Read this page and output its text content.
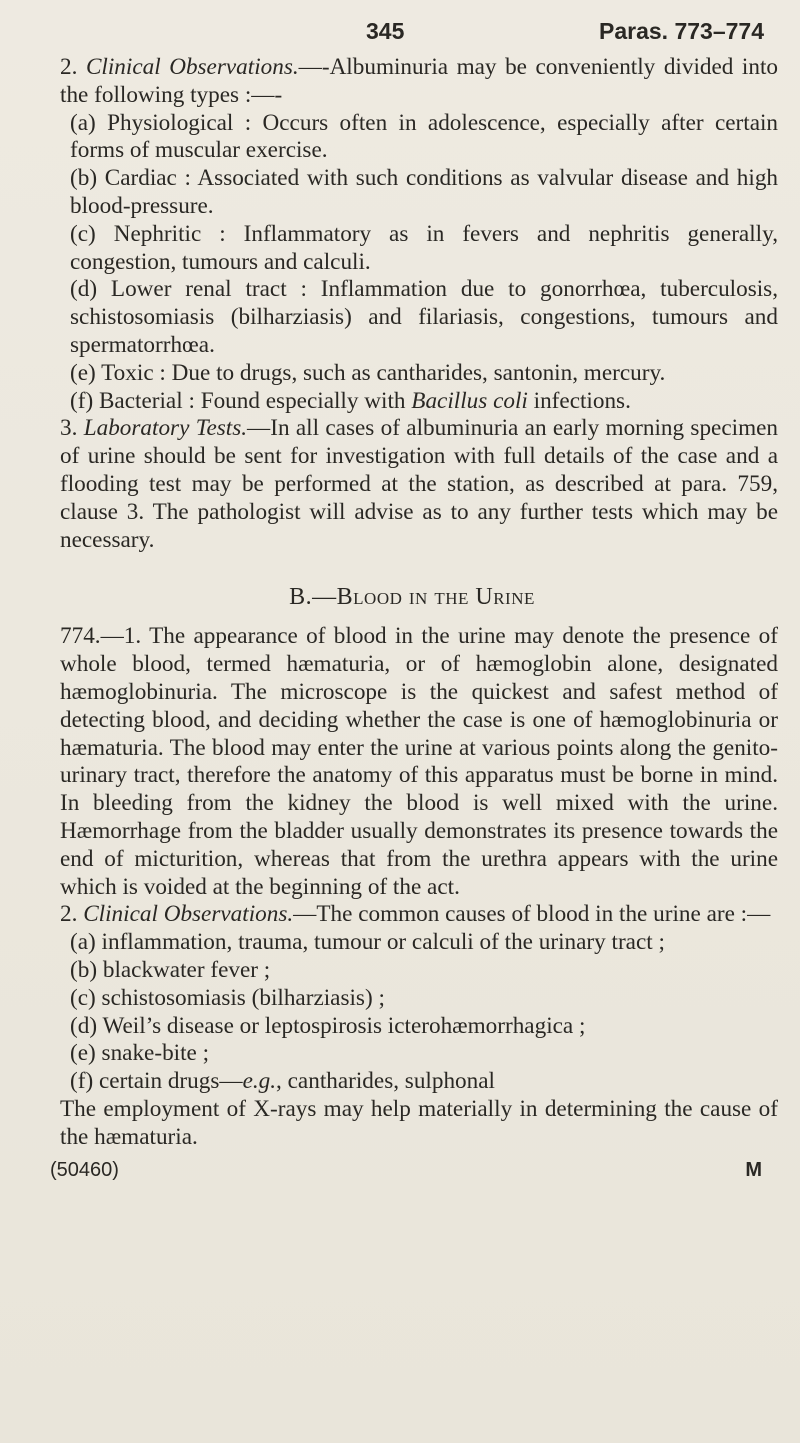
345	Paras. 773–774

2. Clinical Observations.—-Albuminuria may be conveniently divided into the following types :—-

(a) Physiological : Occurs often in adolescence, especially after certain forms of muscular exercise.

(b) Cardiac : Associated with such conditions as valvular disease and high blood-pressure.

(c) Nephritic : Inflammatory as in fevers and nephritis generally, congestion, tumours and calculi.

(d) Lower renal tract : Inflammation due to gonorrhœa, tuberculosis, schistosomiasis (bilharziasis) and filariasis, congestions, tumours and spermatorrhœa.

(e) Toxic : Due to drugs, such as cantharides, santonin, mercury.

(f) Bacterial : Found especially with Bacillus coli infections.

3. Laboratory Tests.—In all cases of albuminuria an early morning specimen of urine should be sent for investigation with full details of the case and a flooding test may be performed at the station, as described at para. 759, clause 3. The pathologist will advise as to any further tests which may be necessary.

B.—Blood in the Urine

774.—1. The appearance of blood in the urine may denote the presence of whole blood, termed hæmaturia, or of hæmoglobin alone, designated hæmoglobinuria. The microscope is the quickest and safest method of detecting blood, and deciding whether the case is one of hæmoglobinuria or hæmaturia. The blood may enter the urine at various points along the genito-urinary tract, therefore the anatomy of this apparatus must be borne in mind. In bleeding from the kidney the blood is well mixed with the urine. Hæmorrhage from the bladder usually demonstrates its presence towards the end of micturition, whereas that from the urethra appears with the urine which is voided at the beginning of the act.

2. Clinical Observations.—The common causes of blood in the urine are :—

(a) inflammation, trauma, tumour or calculi of the urinary tract ;

(b) blackwater fever ;

(c) schistosomiasis (bilharziasis) ;

(d) Weil’s disease or leptospirosis icterohæmorrhagica ;

(e) snake-bite ;

(f) certain drugs—e.g., cantharides, sulphonal

The employment of X-rays may help materially in determining the cause of the hæmaturia.

(50460)	M
